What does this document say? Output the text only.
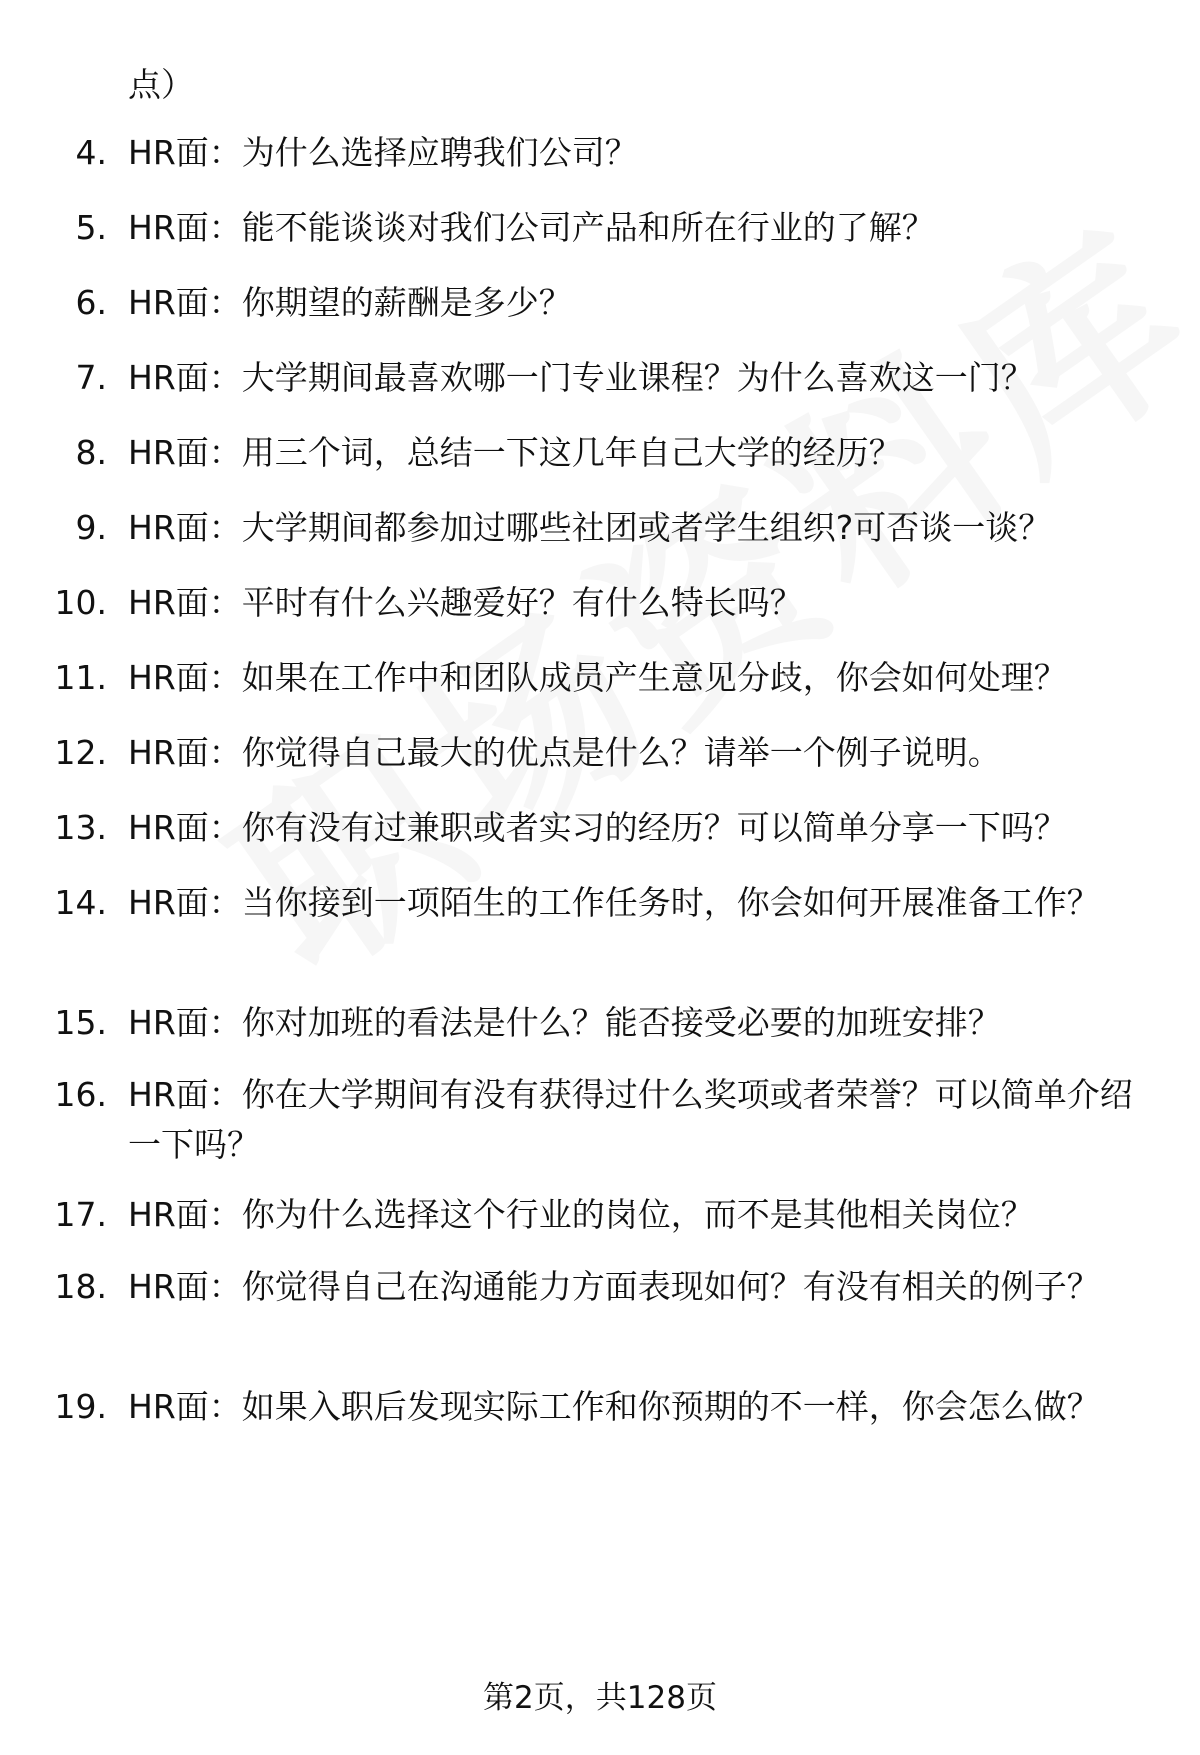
点）
4. HR面：为什么选择应聘我们公司？
5. HR面：能不能谈谈对我们公司产品和所在行业的了解？
6. HR面：你期望的薪酬是多少？
7. HR面：大学期间最喜欢哪一门专业课程？为什么喜欢这一门？
8. HR面：用三个词，总结一下这几年自己大学的经历？
9. HR面：大学期间都参加过哪些社团或者学生组织?可否谈一谈？
10. HR面：平时有什么兴趣爱好？有什么特长吗？
11. HR面：如果在工作中和团队成员产生意见分歧，你会如何处理？
12. HR面：你觉得自己最大的优点是什么？请举一个例子说明。
13. HR面：你有没有过兼职或者实习的经历？可以简单分享一下吗？
14. HR面：当你接到一项陌生的工作任务时，你会如何开展准备工作？
15. HR面：你对加班的看法是什么？能否接受必要的加班安排？
16. HR面：你在大学期间有没有获得过什么奖项或者荣誉？可以简单介绍一下吗？
17. HR面：你为什么选择这个行业的岗位，而不是其他相关岗位？
18. HR面：你觉得自己在沟通能力方面表现如何？有没有相关的例子？
19. HR面：如果入职后发现实际工作和你预期的不一样，你会怎么做？
第2页，共128页
